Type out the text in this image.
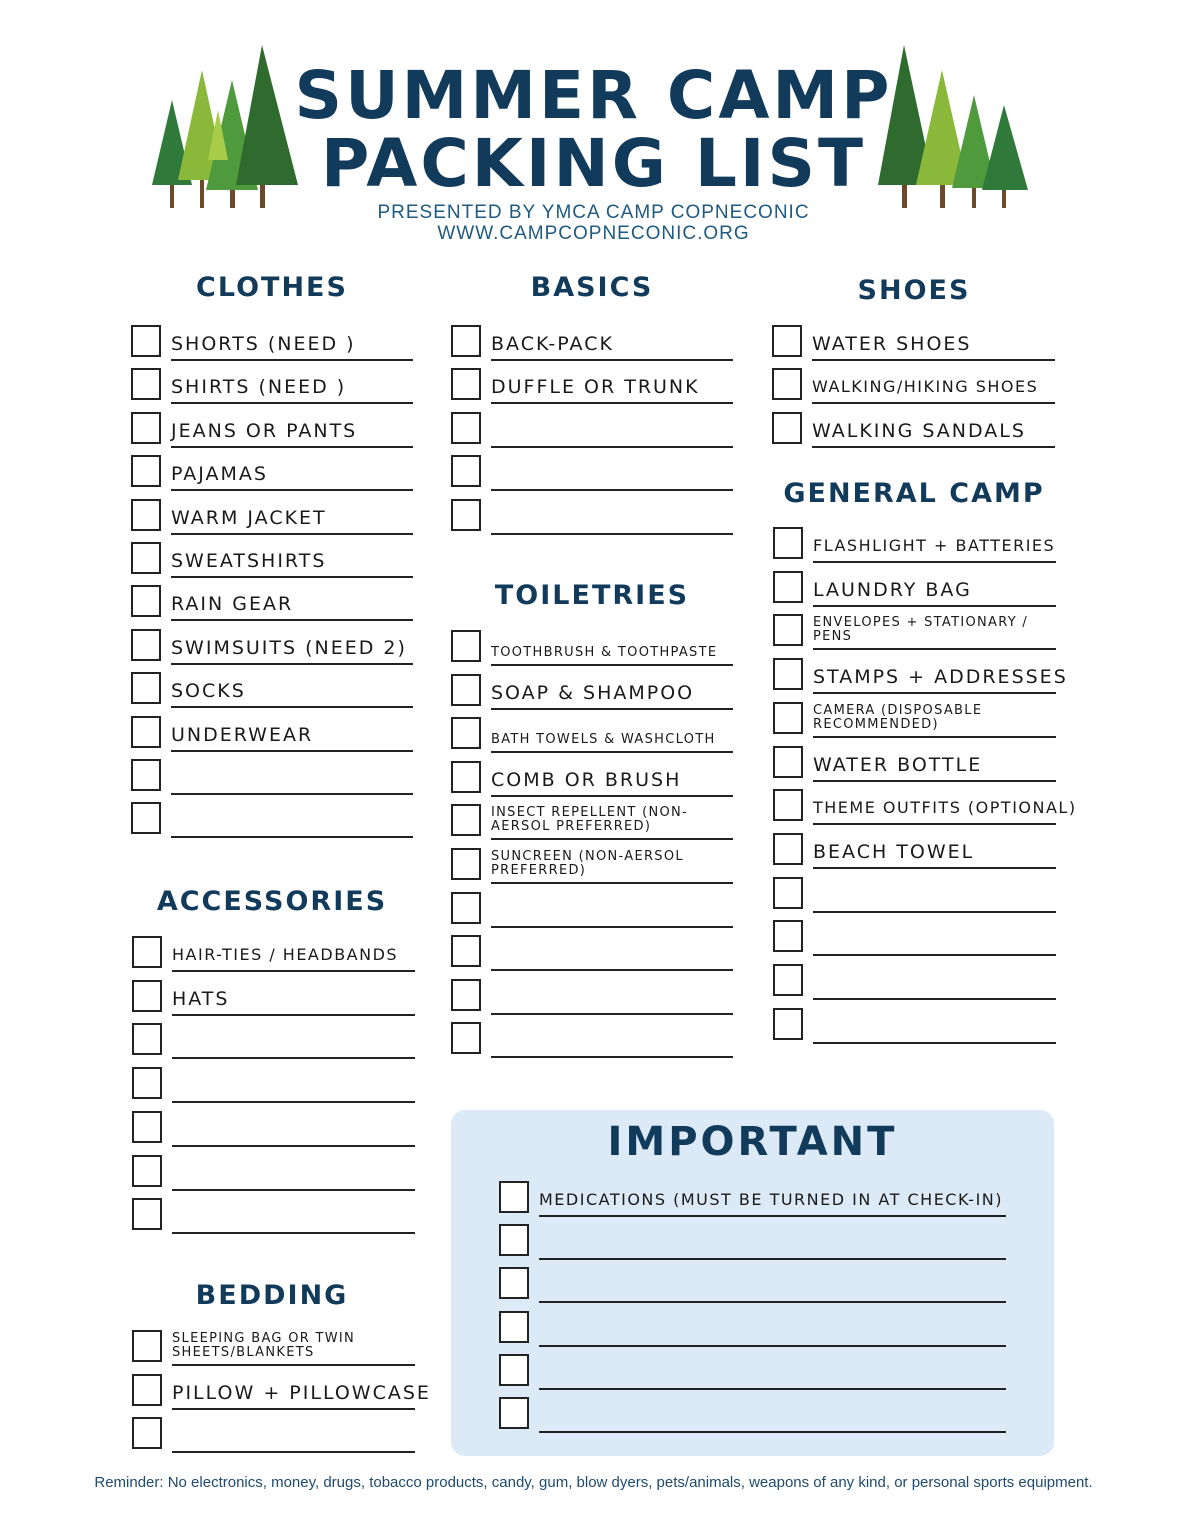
SUMMER CAMP
PACKING LIST
PRESENTED BY YMCA CAMP COPNECONIC
WWW.CAMPCOPNECONIC.ORG
CLOTHES	BASICS	SHOES
GENERAL CAMP
TOILETRIES
ACCESSORIES
BEDDING
IMPORTANT
SHORTS (NEED )
SHIRTS (NEED )
JEANS OR PANTS
PAJAMAS
WARM JACKET
SWEATSHIRTS
RAIN GEAR
SWIMSUITS (NEED 2)
SOCKS
UNDERWEAR
BACK-PACK
DUFFLE OR TRUNK
WATER SHOES
WALKING/HIKING SHOES
WALKING SANDALS
FLASHLIGHT + BATTERIES
LAUNDRY BAG
ENVELOPES + STATIONARY / PENS
STAMPS + ADDRESSES
CAMERA (DISPOSABLE RECOMMENDED)
WATER BOTTLE
THEME OUTFITS (OPTIONAL)
BEACH TOWEL
TOOTHBRUSH & TOOTHPASTE
SOAP & SHAMPOO
BATH TOWELS & WASHCLOTH
COMB OR BRUSH
INSECT REPELLENT (NON-AERSOL PREFERRED)
SUNCREEN (NON-AERSOL PREFERRED)
HAIR-TIES / HEADBANDS
HATS
SLEEPING BAG OR TWIN SHEETS/BLANKETS
PILLOW + PILLOWCASE
MEDICATIONS (MUST BE TURNED IN AT CHECK-IN)
Reminder: No electronics, money, drugs, tobacco products, candy, gum, blow dyers, pets/animals, weapons of any kind, or personal sports equipment.
